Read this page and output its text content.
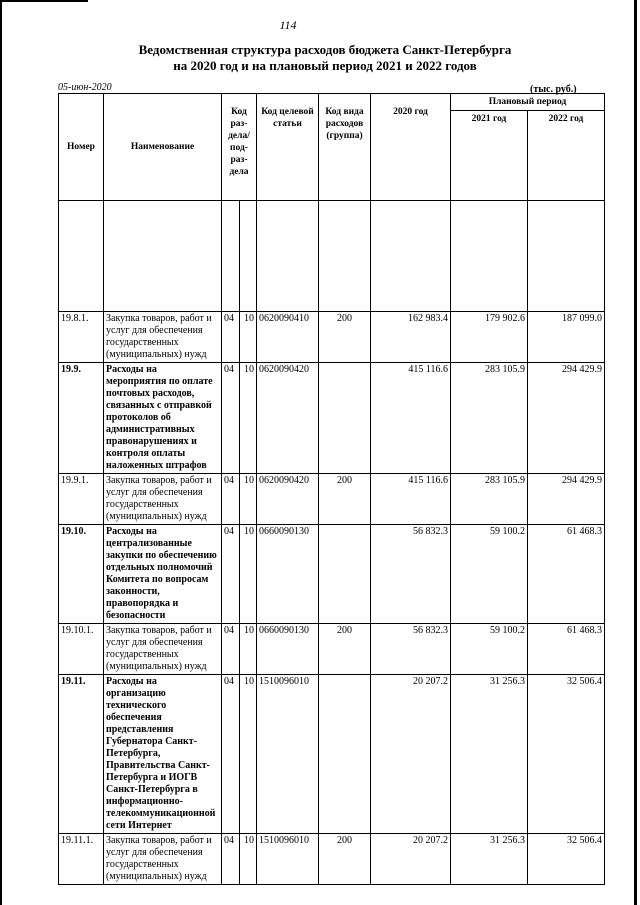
114
Ведомственная структура расходов бюджета Санкт-Петербурга
на 2020 год и на плановый период 2021 и 2022 годов
05-июн-2020	(тыс. руб.)
Номер	Наименование	Код раз-дела/ под-раз-дела		Код целевой статьи	Код вида расходов (группа)	2020 год	Плановый период	
							2021 год	2022 год

19.8.1.	Закупка товаров, работ и услуг для обеспечения государственных (муниципальных) нужд	04	10	0620090410	200	162 983.4	179 902.6	187 099.0
19.9.	Расходы на мероприятия по оплате почтовых расходов, связанных с отправкой протоколов об административных правонарушениях и контроля оплаты наложенных штрафов	04	10	0620090420		415 116.6	283 105.9	294 429.9
19.9.1.	Закупка товаров, работ и услуг для обеспечения государственных (муниципальных) нужд	04	10	0620090420	200	415 116.6	283 105.9	294 429.9
19.10.	Расходы на централизованные закупки по обеспечению отдельных полномочий Комитета по вопросам законности, правопорядка и безопасности	04	10	0660090130		56 832.3	59 100.2	61 468.3
19.10.1.	Закупка товаров, работ и услуг для обеспечения государственных (муниципальных) нужд	04	10	0660090130	200	56 832.3	59 100.2	61 468.3
19.11.	Расходы на организацию технического обеспечения представления Губернатора Санкт-Петербурга, Правительства Санкт-Петербурга и ИОГВ Санкт-Петербурга в информационно-телекоммуникационной сети Интернет	04	10	1510096010		20 207.2	31 256.3	32 506.4
19.11.1.	Закупка товаров, работ и услуг для обеспечения государственных (муниципальных) нужд	04	10	1510096010	200	20 207.2	31 256.3	32 506.4
